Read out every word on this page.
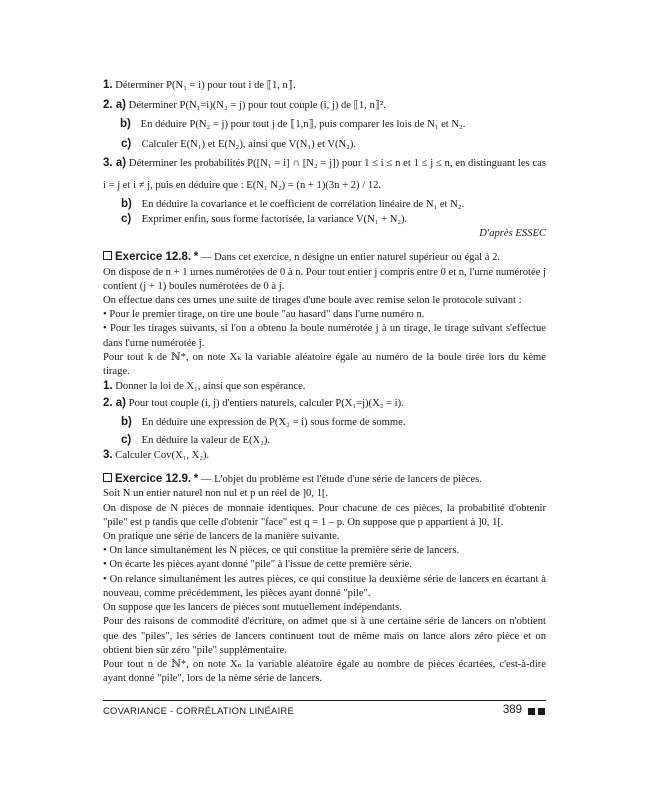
1. Déterminer P(N₁ = i) pour tout i de ⟦1, n⟧.

2. a) Déterminer P(N₁=i)(N₂ = j) pour tout couple (i, j) de ⟦1, n⟧².

b) En déduire P(N₂ = j) pour tout j de ⟦1,n⟧, puis comparer les lois de N₁ et N₂.

c) Calculer E(N₁) et E(N₂), ainsi que V(N₁) et V(N₂).

3. a) Déterminer les probabilités P([N₁ = i] ∩ [N₂ = j]) pour 1 ≤ i ≤ n et 1 ≤ j ≤ n, en distinguant les cas i = j et i ≠ j, puis en déduire que : E(N₁ N₂) = (n + 1)(3n + 2) / 12.

b) En déduire la covariance et le coefficient de corrélation linéaire de N₁ et N₂.

c) Exprimer enfin, sous forme factorisée, la variance V(N₁ + N₂).

D'après ESSEC

Exercice 12.8. * — Dans cet exercice, n désigne un entier naturel supérieur ou égal à 2.

On dispose de n + 1 urnes numérotées de 0 à n. Pour tout entier j compris entre 0 et n, l'urne numérotée j contient (j + 1) boules numérotées de 0 à j.

On effectue dans ces urnes une suite de tirages d'une boule avec remise selon le protocole suivant :

• Pour le premier tirage, on tire une boule "au hasard" dans l'urne numéro n.

• Pour les tirages suivants, si l'on a obtenu la boule numérotée j à un tirage, le tirage suivant s'effectue dans l'urne numérotée j.

Pour tout k de ℕ*, on note Xₖ la variable aléatoire égale au numéro de la boule tirée lors du kème tirage.

1. Donner la loi de X₁, ainsi que son espérance.

2. a) Pour tout couple (i, j) d'entiers naturels, calculer P(X₁=j)(X₂ = i).

b) En déduire une expression de P(X₂ = i) sous forme de somme.

c) En déduire la valeur de E(X₂).

3. Calculer Cov(X₁, X₂).

Exercice 12.9. * — L'objet du problème est l'étude d'une série de lancers de pièces.

Soit N un entier naturel non nul et p un réel de ]0, 1[.

On dispose de N pièces de monnaie identiques. Pour chacune de ces pièces, la probabilité d'obtenir "pile" est p tandis que celle d'obtenir "face" est q = 1 – p. On suppose que p appartient à ]0, 1[.

On pratique une série de lancers de la manière suivante.

• On lance simultanément les N pièces, ce qui constitue la première série de lancers.

• On écarte les pièces ayant donné "pile" à l'issue de cette première série.

• On relance simultanément les autres pièces, ce qui constitue la deuxième série de lancers en écartant à nouveau, comme précédemment, les pièces ayant donné "pile".

On suppose que les lancers de pièces sont mutuellement indépendants.

Pour des raisons de commodité d'écriture, on admet que si à une certaine série de lancers on n'obtient que des "piles", les séries de lancers continuent tout de même mais on lance alors zéro pièce et on obtient bien sûr zéro "pile" supplémentaire.

Pour tout n de ℕ*, on note Xₙ la variable aléatoire égale au nombre de pièces écartées, c'est-à-dire ayant donné "pile", lors de la nème série de lancers.

COVARIANCE - CORRÉLATION LINÉAIRE	389
